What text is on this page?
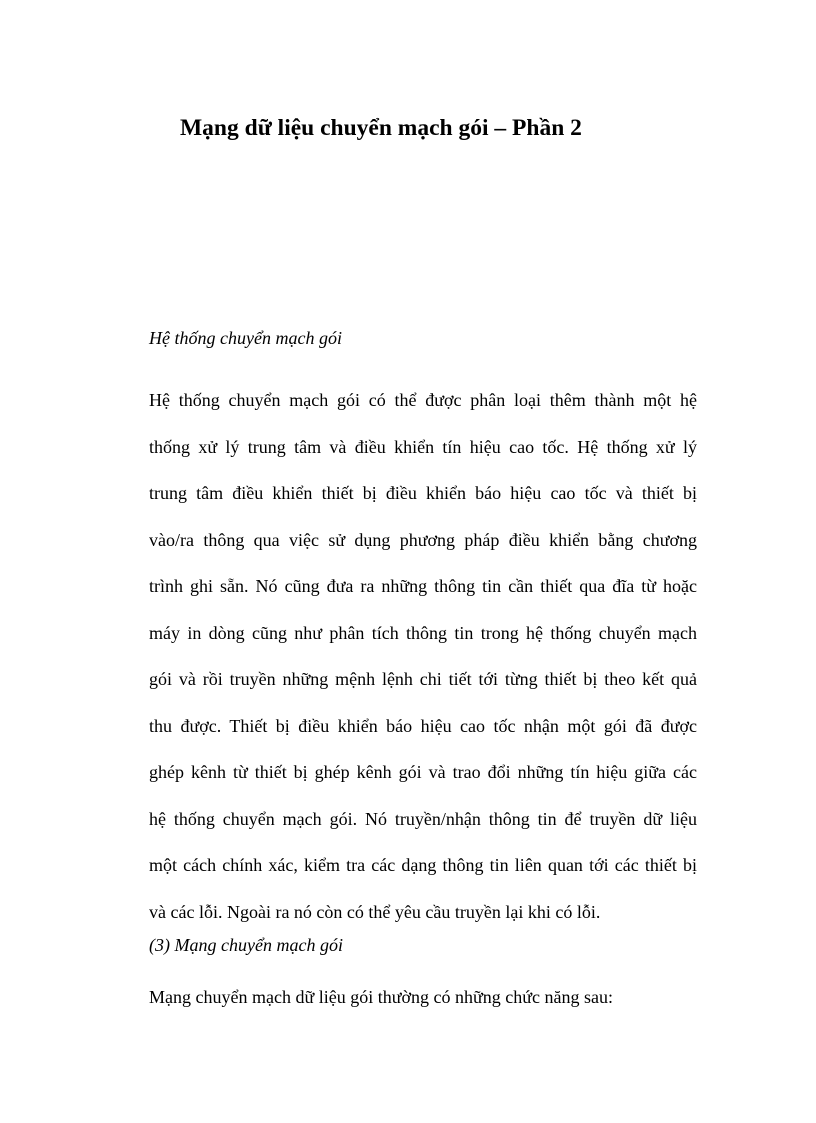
Mạng dữ liệu chuyển mạch gói – Phần 2

Hệ thống chuyển mạch gói

Hệ thống chuyển mạch gói có thể được phân loại thêm thành một hệ
thống xử lý trung tâm và điều khiển tín hiệu cao tốc. Hệ thống xử lý
trung tâm điều khiển thiết bị điều khiển báo hiệu cao tốc và thiết bị
vào/ra thông qua việc sử dụng phương pháp điều khiển bằng chương
trình ghi sẵn. Nó cũng đưa ra những thông tin cần thiết qua đĩa từ hoặc
máy in dòng cũng như phân tích thông tin trong hệ thống chuyển mạch
gói và rồi truyền những mệnh lệnh chi tiết tới từng thiết bị theo kết quả
thu được. Thiết bị điều khiển báo hiệu cao tốc nhận một gói đã được
ghép kênh từ thiết bị ghép kênh gói và trao đổi những tín hiệu giữa các
hệ thống chuyển mạch gói. Nó truyền/nhận thông tin để truyền dữ liệu
một cách chính xác, kiểm tra các dạng thông tin liên quan tới các thiết bị
và các lỗi. Ngoài ra nó còn có thể yêu cầu truyền lại khi có lỗi.

(3) Mạng chuyển mạch gói

Mạng chuyển mạch dữ liệu gói thường có những chức năng sau:
